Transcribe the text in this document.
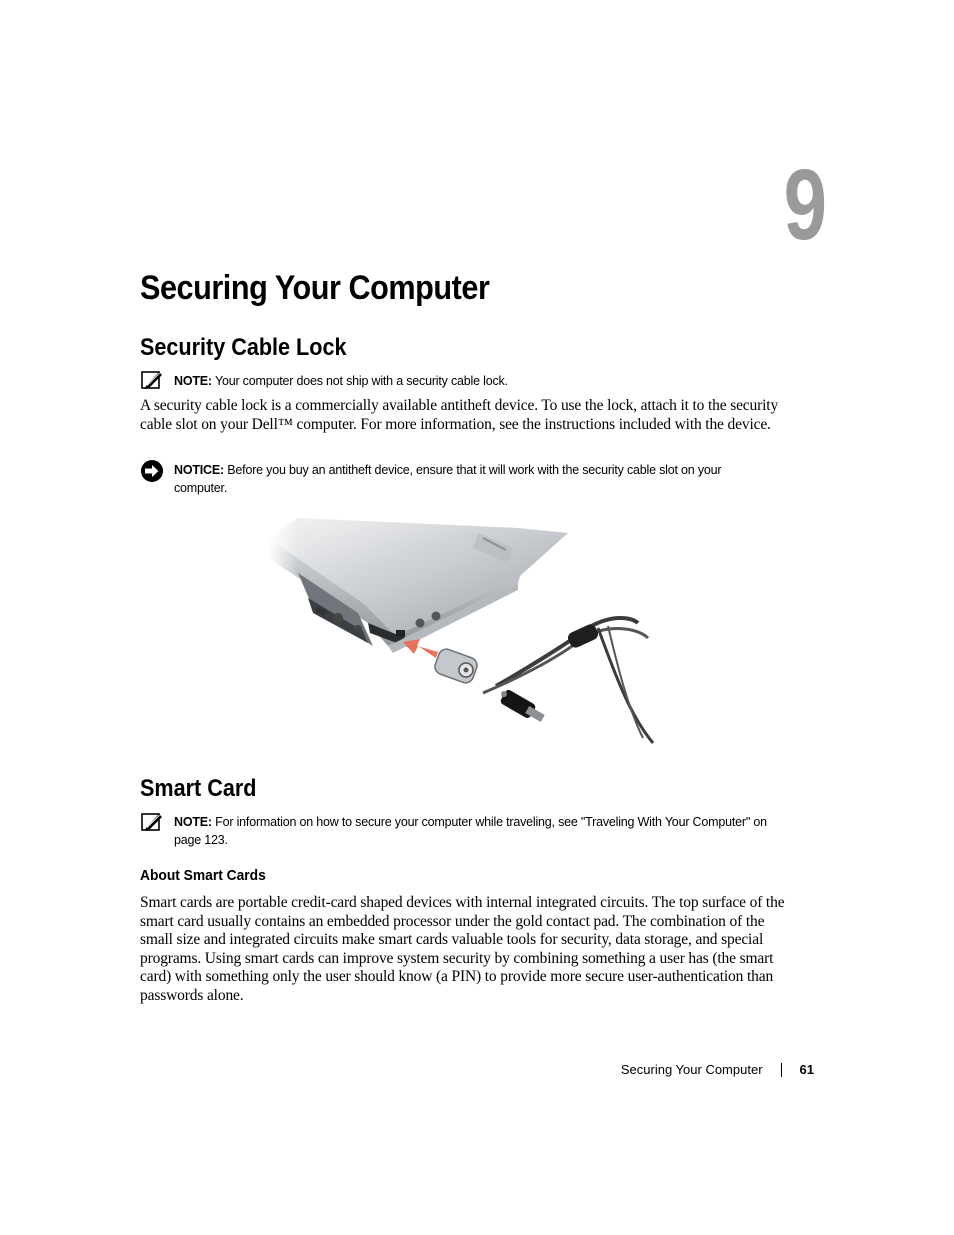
9
Securing Your Computer
Security Cable Lock
NOTE: Your computer does not ship with a security cable lock.

A security cable lock is a commercially available antitheft device. To use the lock, attach it to the security cable slot on your Dell™ computer. For more information, see the instructions included with the device.

NOTICE: Before you buy an antitheft device, ensure that it will work with the security cable slot on your computer.
Smart Card
NOTE: For information on how to secure your computer while traveling, see "Traveling With Your Computer" on page 123.
About Smart Cards

Smart cards are portable credit-card shaped devices with internal integrated circuits. The top surface of the smart card usually contains an embedded processor under the gold contact pad. The combination of the small size and integrated circuits make smart cards valuable tools for security, data storage, and special programs. Using smart cards can improve system security by combining something a user has (the smart card) with something only the user should know (a PIN) to provide more secure user-authentication than passwords alone.

Securing Your Computer	61
